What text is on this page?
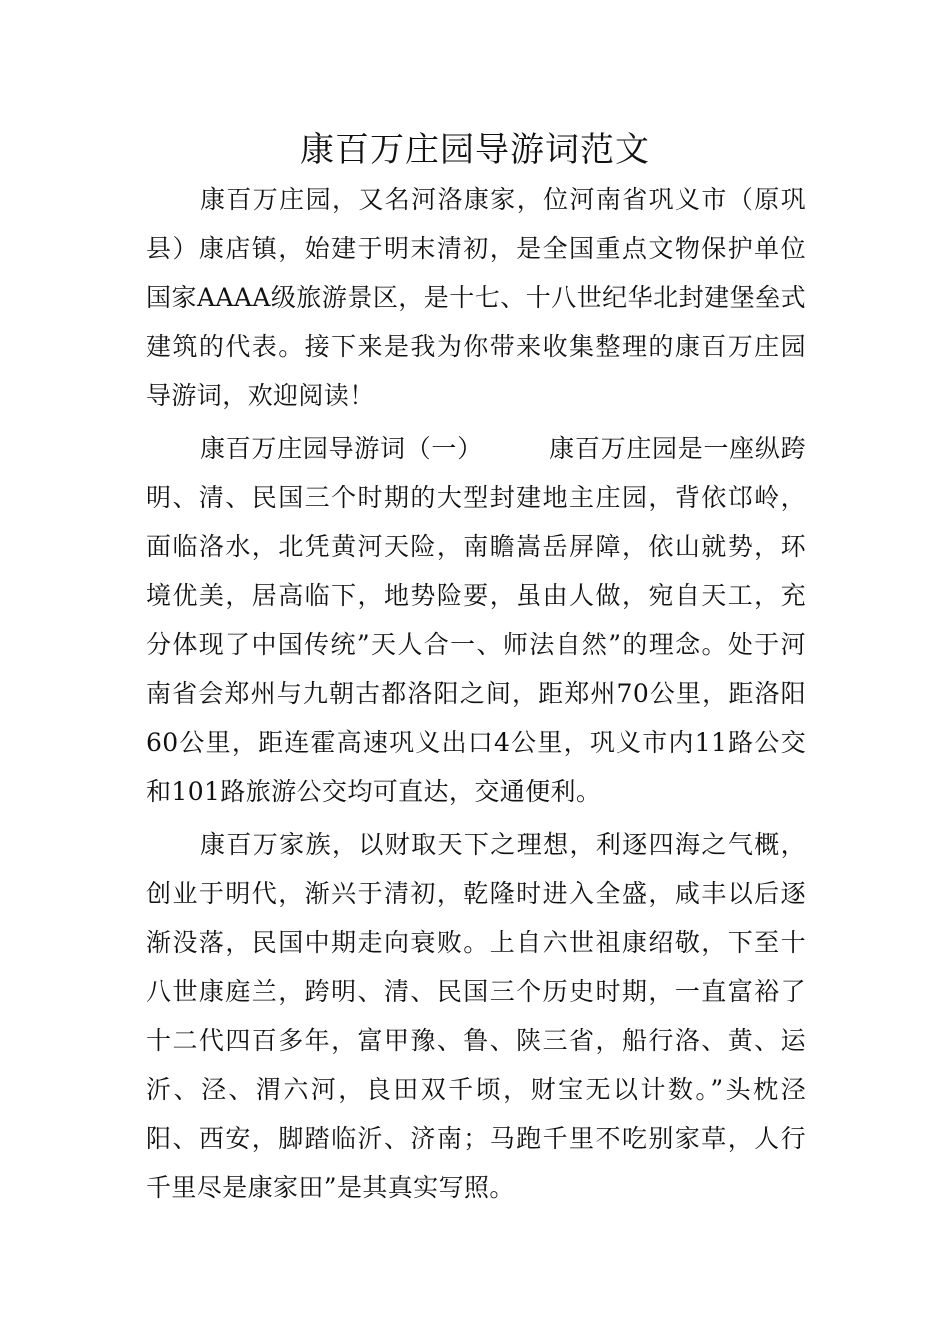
康百万庄园导游词范文

康百万庄园，又名河洛康家，位河南省巩义市（原巩县）康店镇，始建于明末清初，是全国重点文物保护单位国家AAAA级旅游景区，是十七、十八世纪华北封建堡垒式建筑的代表。接下来是我为你带来收集整理的康百万庄园导游词，欢迎阅读！

康百万庄园导游词（一）	康百万庄园是一座纵跨明、清、民国三个时期的大型封建地主庄园，背依邙岭，面临洛水，北凭黄河天险，南瞻嵩岳屏障，依山就势，环境优美，居高临下，地势险要，虽由人做，宛自天工，充分体现了中国传统”天人合一、师法自然”的理念。处于河南省会郑州与九朝古都洛阳之间，距郑州70公里，距洛阳60公里，距连霍高速巩义出口4公里，巩义市内11路公交和101路旅游公交均可直达，交通便利。

康百万家族，以财取天下之理想，利逐四海之气概，创业于明代，渐兴于清初，乾隆时进入全盛，咸丰以后逐渐没落，民国中期走向衰败。上自六世祖康绍敬，下至十八世康庭兰，跨明、清、民国三个历史时期，一直富裕了十二代四百多年，富甲豫、鲁、陕三省，船行洛、黄、运沂、泾、渭六河，良田双千顷，财宝无以计数。”头枕泾阳、西安，脚踏临沂、济南；马跑千里不吃别家草，人行千里尽是康家田”是其真实写照。
